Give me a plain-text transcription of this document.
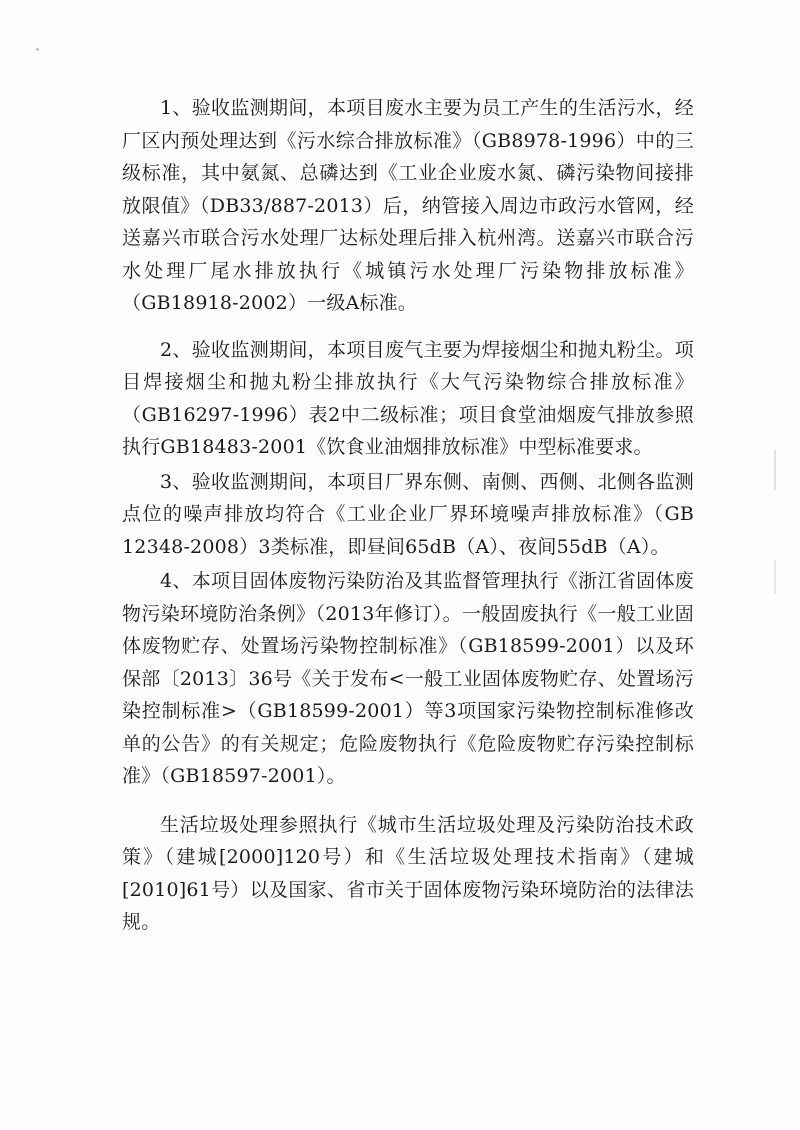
1、验收监测期间，本项目废水主要为员工产生的生活污水，经厂区内预处理达到《污水综合排放标准》（GB8978-1996）中的三级标准，其中氨氮、总磷达到《工业企业废水氮、磷污染物间接排放限值》（DB33/887-2013）后，纳管接入周边市政污水管网，经送嘉兴市联合污水处理厂达标处理后排入杭州湾。送嘉兴市联合污水处理厂尾水排放执行《城镇污水处理厂污染物排放标准》（GB18918-2002）一级A标准。

2、验收监测期间，本项目废气主要为焊接烟尘和抛丸粉尘。项目焊接烟尘和抛丸粉尘排放执行《大气污染物综合排放标准》（GB16297-1996）表2中二级标准；项目食堂油烟废气排放参照执行GB18483-2001《饮食业油烟排放标准》中型标准要求。

3、验收监测期间，本项目厂界东侧、南侧、西侧、北侧各监测点位的噪声排放均符合《工业企业厂界环境噪声排放标准》（GB 12348-2008）3类标准，即昼间65dB（A）、夜间55dB（A）。

4、本项目固体废物污染防治及其监督管理执行《浙江省固体废物污染环境防治条例》（2013年修订）。一般固废执行《一般工业固体废物贮存、处置场污染物控制标准》（GB18599-2001）以及环保部〔2013〕36号《关于发布<一般工业固体废物贮存、处置场污染控制标准>（GB18599-2001）等3项国家污染物控制标准修改单的公告》的有关规定；危险废物执行《危险废物贮存污染控制标准》（GB18597-2001）。

生活垃圾处理参照执行《城市生活垃圾处理及污染防治技术政策》（建城[2000]120号）和《生活垃圾处理技术指南》（建城[2010]61号）以及国家、省市关于固体废物污染环境防治的法律法规。
